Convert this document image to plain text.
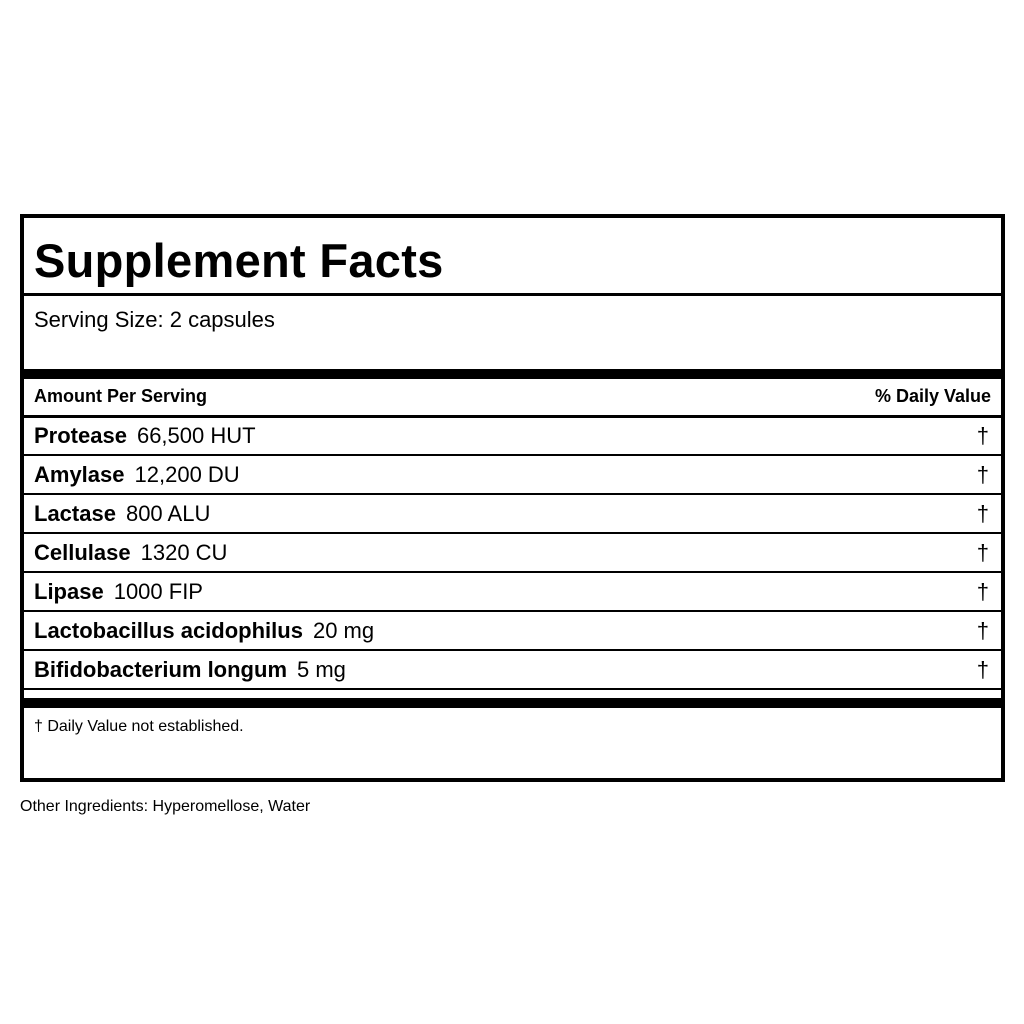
Supplement Facts
Serving Size: 2 capsules
Amount Per Serving	% Daily Value
Protease 66,500 HUT	†
Amylase 12,200 DU	†
Lactase 800 ALU	†
Cellulase 1320 CU	†
Lipase 1000 FIP	†
Lactobacillus acidophilus 20 mg	†
Bifidobacterium longum 5 mg	†
† Daily Value not established.
Other Ingredients: Hyperomellose, Water
